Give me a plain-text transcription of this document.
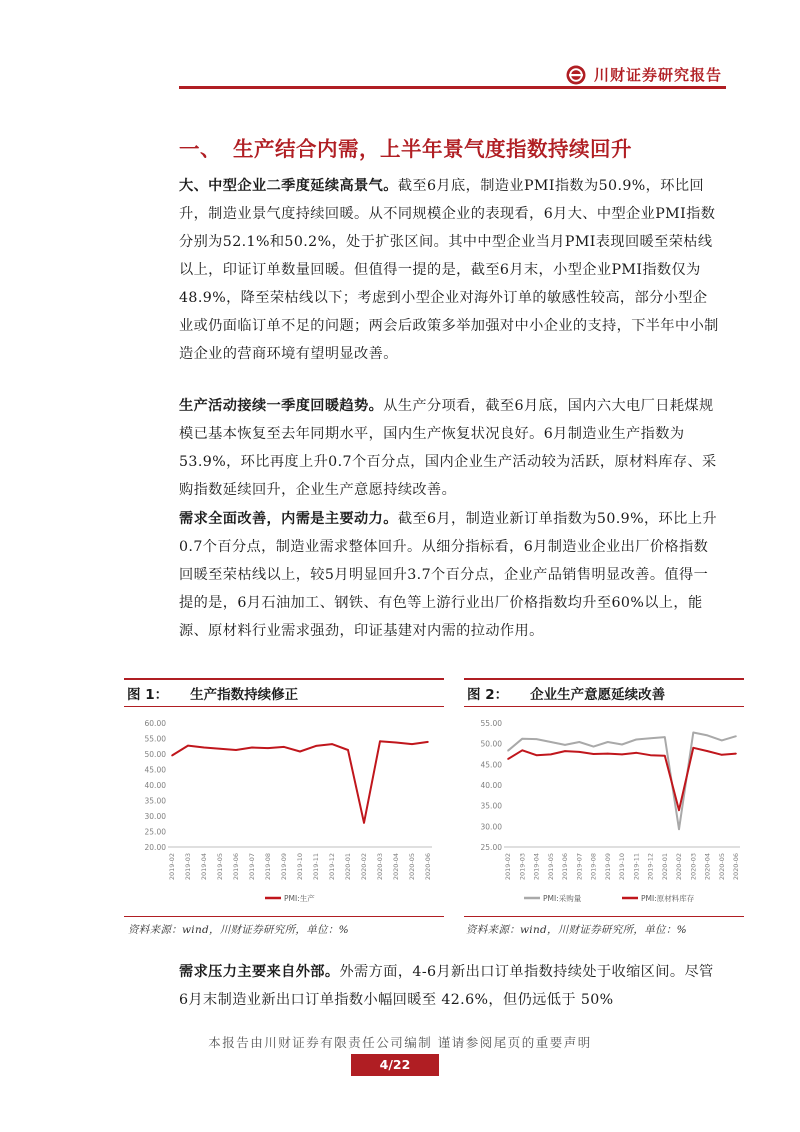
川财证券研究报告
一、 生产结合内需，上半年景气度指数持续回升

大、中型企业二季度延续高景气。截至6月底，制造业PMI指数为50.9%，环比回升，制造业景气度持续回暖。从不同规模企业的表现看，6月大、中型企业PMI指数分别为52.1%和50.2%，处于扩张区间。其中中型企业当月PMI表现回暖至荣枯线以上，印证订单数量回暖。但值得一提的是，截至6月末，小型企业PMI指数仅为48.9%，降至荣枯线以下；考虑到小型企业对海外订单的敏感性较高，部分小型企业或仍面临订单不足的问题；两会后政策多举加强对中小企业的支持，下半年中小制造企业的营商环境有望明显改善。

生产活动接续一季度回暖趋势。从生产分项看，截至6月底，国内六大电厂日耗煤规模已基本恢复至去年同期水平，国内生产恢复状况良好。6月制造业生产指数为53.9%，环比再度上升0.7个百分点，国内企业生产活动较为活跃，原材料库存、采购指数延续回升，企业生产意愿持续改善。

需求全面改善，内需是主要动力。截至6月，制造业新订单指数为50.9%，环比上升0.7个百分点，制造业需求整体回升。从细分指标看，6月制造业企业出厂价格指数回暖至荣枯线以上，较5月明显回升3.7个百分点，企业产品销售明显改善。值得一提的是，6月石油加工、钢铁、有色等上游行业出厂价格指数均升至60%以上，能源、原材料行业需求强劲，印证基建对内需的拉动作用。

图 1： 生产指数持续修正
60.00
55.00
50.00
45.00
40.00
35.00
30.00
25.00
20.00
2019-02 2019-03 2019-04 2019-05 2019-06 2019-07 2019-08 2019-09 2019-10 2019-11 2019-12 2020-01 2020-02 2020-03 2020-04 2020-05 2020-06
PMI:生产
资料来源：wind，川财证券研究所，单位：%
图 2： 企业生产意愿延续改善
55.00
50.00
45.00
40.00
35.00
30.00
25.00
2019-02 2019-03 2019-04 2019-05 2019-06 2019-07 2019-08 2019-09 2019-10 2019-11 2019-12 2020-01 2020-02 2020-03 2020-04 2020-05 2020-06
PMI:采购量	PMI:原材料库存
资料来源：wind，川财证券研究所，单位：%

需求压力主要来自外部。外需方面，4-6月新出口订单指数持续处于收缩区间。尽管6月末制造业新出口订单指数小幅回暖至 42.6%，但仍远低于 50%

本报告由川财证券有限责任公司编制 谨请参阅尾页的重要声明
4/22
